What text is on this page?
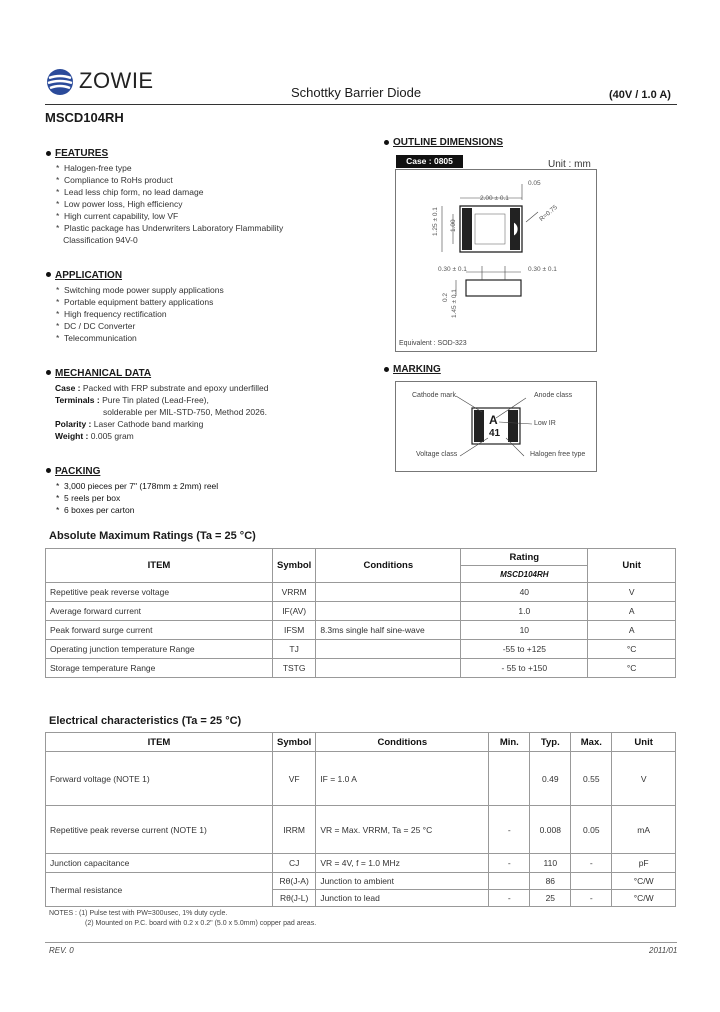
ZOWIE	Schottky Barrier Diode	(40V / 1.0 A)
MSCD104RH
FEATURES
*  Halogen-free type
*  Compliance to RoHs product
*  Lead less chip form, no lead damage
*  Low power loss, High efficiency
*  High current capability, low VF
*  Plastic package has Underwriters Laboratory Flammability
Classification 94V-0
APPLICATION
*  Switching mode power supply applications
*  Portable equipment battery applications
*  High frequency rectification
*  DC / DC Converter
*  Telecommunication
MECHANICAL DATA
Case : Packed with FRP substrate and epoxy underfilled
Terminals : Pure Tin plated (Lead-Free),
solderable per MIL-STD-750, Method 2026.
Polarity : Laser Cathode band marking
Weight : 0.005 gram
PACKING
*  3,000 pieces per 7" (178mm ± 2mm) reel
*  5 reels per box
*  6 boxes per carton
OUTLINE DIMENSIONS
Case : 0805	Unit : mm
0.05
2.00 ± 0.1
1.25 ± 0.1 1.00
R=0.75
0.30 ± 0.1	0.30 ± 0.1
0.2 1.45 ± 0.1
Equivalent : SOD-323
MARKING
A
41
Cathode mark	Anode class
Low IR
Voltage class	Halogen free type
Absolute Maximum Ratings (Ta = 25 °C)
ITEM	Symbol	Conditions	Rating	Unit
			MSCD104RH	
Repetitive peak reverse voltage	VRRM		40	V
Average forward current	IF(AV)		1.0	A
Peak forward surge current	IFSM	8.3ms single half sine-wave	10	A
Operating junction temperature Range	TJ		-55 to +125	°C
Storage temperature Range	TSTG		- 55 to +150	°C
Electrical characteristics (Ta = 25 °C)
ITEM	Symbol	Conditions	Min.	Typ.	Max.	Unit
Forward voltage (NOTE 1)	VF	IF = 1.0 A		0.49	0.55	V
Repetitive peak reverse current (NOTE 1)	IRRM	VR = Max. VRRM, Ta = 25 °C	-	0.008	0.05	mA
Junction capacitance	CJ	VR = 4V, f = 1.0 MHz	-	110	-	pF
Thermal resistance	Rθ(J-A)	Junction to ambient		86		°C/W
	Rθ(J-L)	Junction to lead	-	25	-	°C/W
NOTES : (1) Pulse test with PW=300usec, 1% duty cycle.
(2) Mounted on P.C. board with 0.2 x 0.2" (5.0 x 5.0mm) copper pad areas.
REV. 0	2011/01
